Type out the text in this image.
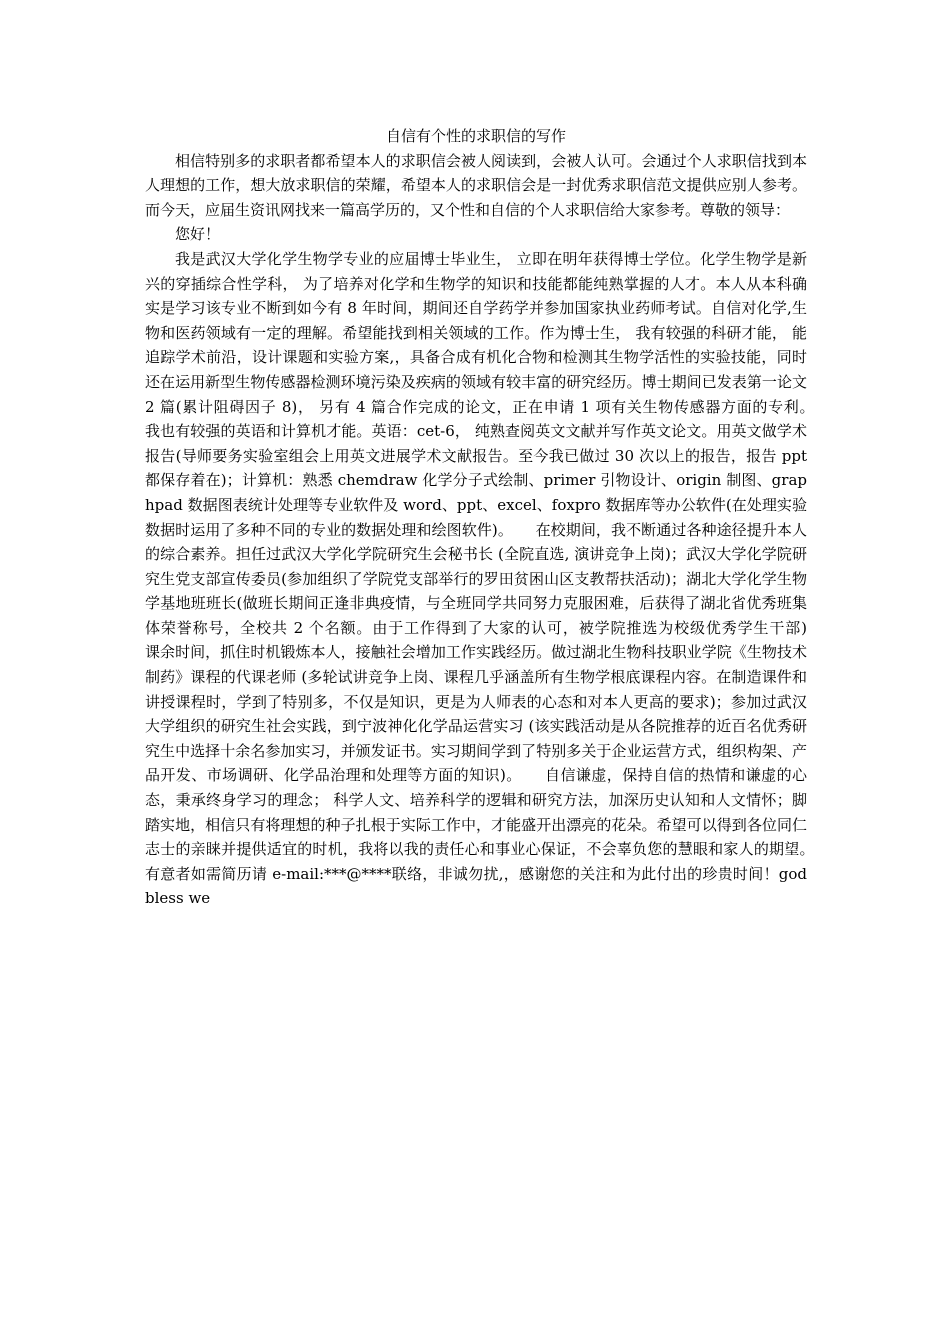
自信有个性的求职信的写作

相信特别多的求职者都希望本人的求职信会被人阅读到，会被人认可。会通过个人求职信找到本人理想的工作，想大放求职信的荣耀，希望本人的求职信会是一封优秀求职信范文提供应别人参考。而今天，应届生资讯网找来一篇高学历的，又个性和自信的个人求职信给大家参考。尊敬的领导：

您好！

我是武汉大学化学生物学专业的应届博士毕业生， 立即在明年获得博士学位。化学生物学是新兴的穿插综合性学科， 为了培养对化学和生物学的知识和技能都能纯熟掌握的人才。本人从本科确实是学习该专业不断到如今有 8 年时间，期间还自学药学并参加国家执业药师考试。自信对化学,生物和医药领域有一定的理解。希望能找到相关领域的工作。作为博士生， 我有较强的科研才能， 能追踪学术前沿，设计课题和实验方案,，具备合成有机化合物和检测其生物学活性的实验技能，同时还在运用新型生物传感器检测环境污染及疾病的领域有较丰富的研究经历。博士期间已发表第一论文 2 篇(累计阻碍因子 8)， 另有 4 篇合作完成的论文，正在申请 1 项有关生物传感器方面的专利。　　我也有较强的英语和计算机才能。英语：cet-6， 纯熟查阅英文文献并写作英文论文。用英文做学术报告(导师要务实验室组会上用英文进展学术文献报告。至今我已做过 30 次以上的报告，报告 ppt 都保存着在)；计算机：熟悉 chemdraw 化学分子式绘制、primer 引物设计、origin 制图、graphpad 数据图表统计处理等专业软件及 word、ppt、excel、foxpro 数据库等办公软件(在处理实验数据时运用了多种不同的专业的数据处理和绘图软件)。　　在校期间，我不断通过各种途径提升本人的综合素养。担任过武汉大学化学院研究生会秘书长 (全院直选, 演讲竞争上岗)；武汉大学化学院研究生党支部宣传委员(参加组织了学院党支部举行的罗田贫困山区支教帮扶活动)；湖北大学化学生物学基地班班长(做班长期间正逢非典疫情，与全班同学共同努力克服困难，后获得了湖北省优秀班集体荣誉称号，全校共 2 个名额。由于工作得到了大家的认可，被学院推选为校级优秀学生干部)　　课余时间，抓住时机锻炼本人，接触社会增加工作实践经历。做过湖北生物科技职业学院《生物技术制药》课程的代课老师 (多轮试讲竞争上岗、课程几乎涵盖所有生物学根底课程内容。在制造课件和讲授课程时，学到了特别多，不仅是知识，更是为人师表的心态和对本人更高的要求)；参加过武汉大学组织的研究生社会实践，到宁波神化化学品运营实习 (该实践活动是从各院推荐的近百名优秀研究生中选择十余名参加实习，并颁发证书。实习期间学到了特别多关于企业运营方式，组织构架、产品开发、市场调研、化学品治理和处理等方面的知识)。　　自信谦虚，保持自信的热情和谦虚的心态，秉承终身学习的理念； 科学人文、培养科学的逻辑和研究方法，加深历史认知和人文情怀；脚踏实地，相信只有将理想的种子扎根于实际工作中，才能盛开出漂亮的花朵。希望可以得到各位同仁志士的亲睐并提供适宜的时机，我将以我的责任心和事业心保证，不会辜负您的慧眼和家人的期望。　　有意者如需简历请 e-mail:***@****联络，非诚勿扰,，感谢您的关注和为此付出的珍贵时间！god bless we
